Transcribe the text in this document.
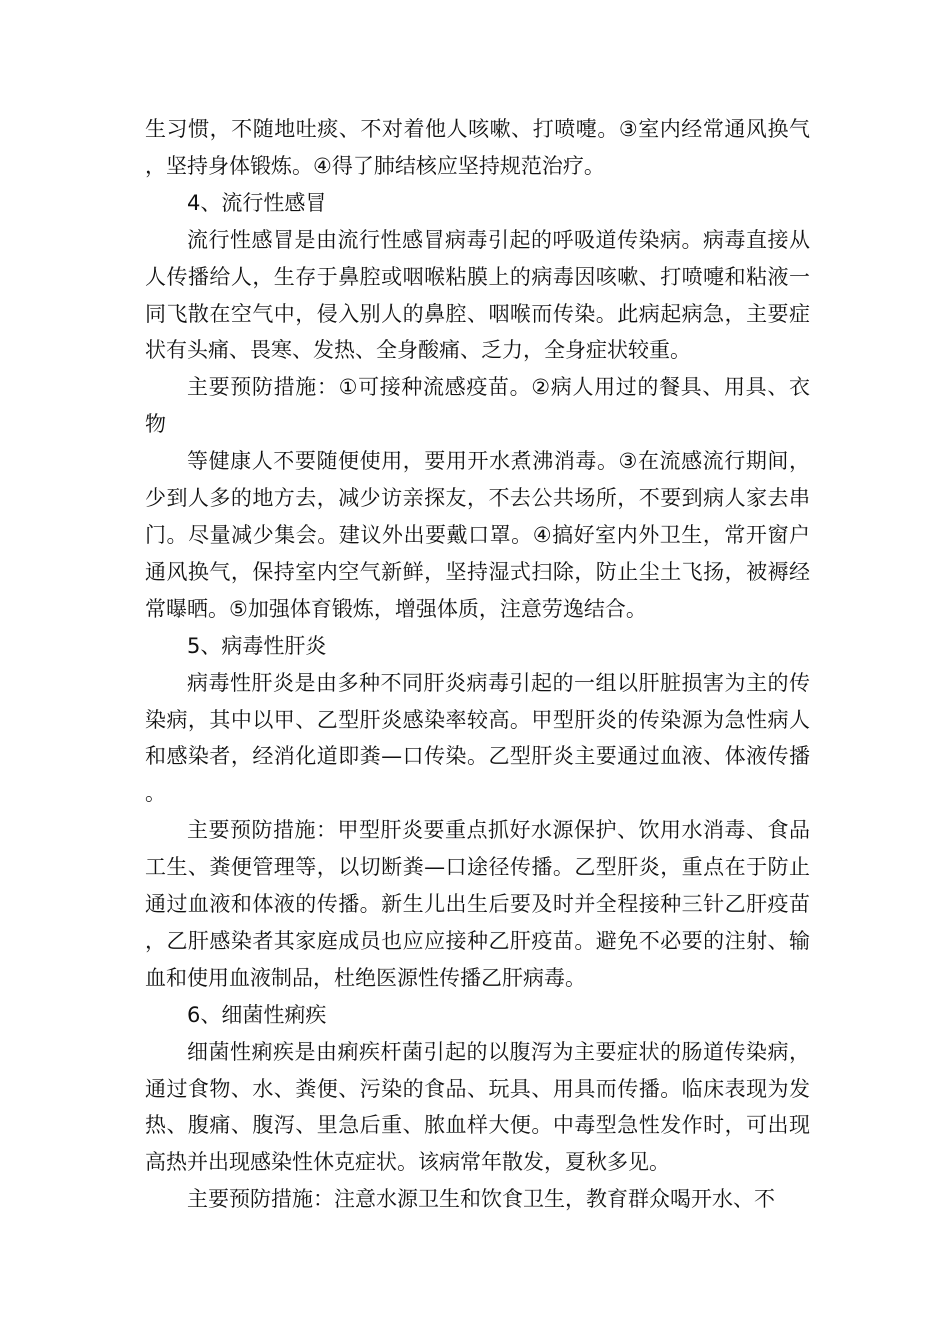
生习惯，不随地吐痰、不对着他人咳嗽、打喷嚏。③室内经常通风换气，坚持身体锻炼。④得了肺结核应坚持规范治疗。

4、流行性感冒

流行性感冒是由流行性感冒病毒引起的呼吸道传染病。病毒直接从人传播给人，生存于鼻腔或咽喉粘膜上的病毒因咳嗽、打喷嚏和粘液一同飞散在空气中，侵入别人的鼻腔、咽喉而传染。此病起病急，主要症状有头痛、畏寒、发热、全身酸痛、乏力，全身症状较重。

主要预防措施：①可接种流感疫苗。②病人用过的餐具、用具、衣物

等健康人不要随便使用，要用开水煮沸消毒。③在流感流行期间，少到人多的地方去，减少访亲探友，不去公共场所，不要到病人家去串门。尽量减少集会。建议外出要戴口罩。④搞好室内外卫生，常开窗户通风换气，保持室内空气新鲜，坚持湿式扫除，防止尘土飞扬，被褥经常曝晒。⑤加强体育锻炼，增强体质，注意劳逸结合。

5、病毒性肝炎

病毒性肝炎是由多种不同肝炎病毒引起的一组以肝脏损害为主的传染病，其中以甲、乙型肝炎感染率较高。甲型肝炎的传染源为急性病人和感染者，经消化道即粪—口传染。乙型肝炎主要通过血液、体液传播。

主要预防措施：甲型肝炎要重点抓好水源保护、饮用水消毒、食品工生、粪便管理等，以切断粪—口途径传播。乙型肝炎，重点在于防止通过血液和体液的传播。新生儿出生后要及时并全程接种三针乙肝疫苗，乙肝感染者其家庭成员也应应接种乙肝疫苗。避免不必要的注射、输血和使用血液制品，杜绝医源性传播乙肝病毒。

6、细菌性痢疾

细菌性痢疾是由痢疾杆菌引起的以腹泻为主要症状的肠道传染病，通过食物、水、粪便、污染的食品、玩具、用具而传播。临床表现为发热、腹痛、腹泻、里急后重、脓血样大便。中毒型急性发作时，可出现高热并出现感染性休克症状。该病常年散发，夏秋多见。

主要预防措施：注意水源卫生和饮食卫生，教育群众喝开水、不
